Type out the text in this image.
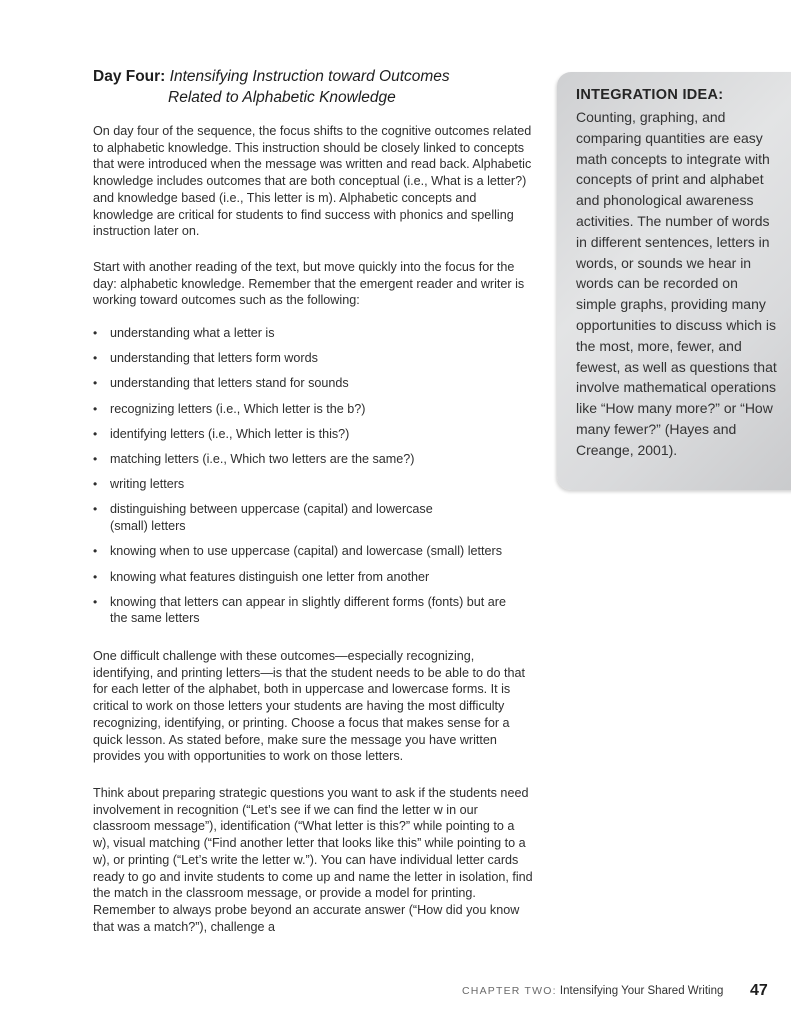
Day Four: Intensifying Instruction toward Outcomes
Related to Alphabetic Knowledge

On day four of the sequence, the focus shifts to the cognitive outcomes related to alphabetic knowledge. This instruction should be closely linked to concepts that were introduced when the message was written and read back. Alphabetic knowledge includes outcomes that are both conceptual (i.e., What is a letter?) and knowledge based (i.e., This letter is m). Alphabetic concepts and knowledge are critical for students to find success with phonics and spelling instruction later on.

Start with another reading of the text, but move quickly into the focus for the day: alphabetic knowledge. Remember that the emergent reader and writer is working toward outcomes such as the following:

• understanding what a letter is
• understanding that letters form words
• understanding that letters stand for sounds
• recognizing letters (i.e., Which letter is the b?)
• identifying letters (i.e., Which letter is this?)
• matching letters (i.e., Which two letters are the same?)
• writing letters
• distinguishing between uppercase (capital) and lowercase (small) letters
• knowing when to use uppercase (capital) and lowercase (small) letters
• knowing what features distinguish one letter from another
• knowing that letters can appear in slightly different forms (fonts) but are the same letters

One difficult challenge with these outcomes—especially recognizing, identifying, and printing letters—is that the student needs to be able to do that for each letter of the alphabet, both in uppercase and lowercase forms. It is critical to work on those letters your students are having the most difficulty recognizing, identifying, or printing. Choose a focus that makes sense for a quick lesson. As stated before, make sure the message you have written provides you with opportunities to work on those letters.

Think about preparing strategic questions you want to ask if the students need involvement in recognition (“Let’s see if we can find the letter w in our classroom message”), identification (“What letter is this?” while pointing to a w), visual matching (“Find another letter that looks like this” while pointing to a w), or printing (“Let’s write the letter w.”). You can have individual letter cards ready to go and invite students to come up and name the letter in isolation, find the match in the classroom message, or provide a model for printing. Remember to always probe beyond an accurate answer (“How did you know that was a match?”), challenge a

INTEGRATION IDEA:
Counting, graphing, and comparing quantities are easy math concepts to integrate with concepts of print and alphabet and phonological awareness activities. The number of words in different sentences, letters in words, or sounds we hear in words can be recorded on simple graphs, providing many opportunities to discuss which is the most, more, fewer, and fewest, as well as questions that involve mathematical operations like “How many more?” or “How many fewer?” (Hayes and Creange, 2001).
CHAPTER TWO: Intensifying Your Shared Writing 47
